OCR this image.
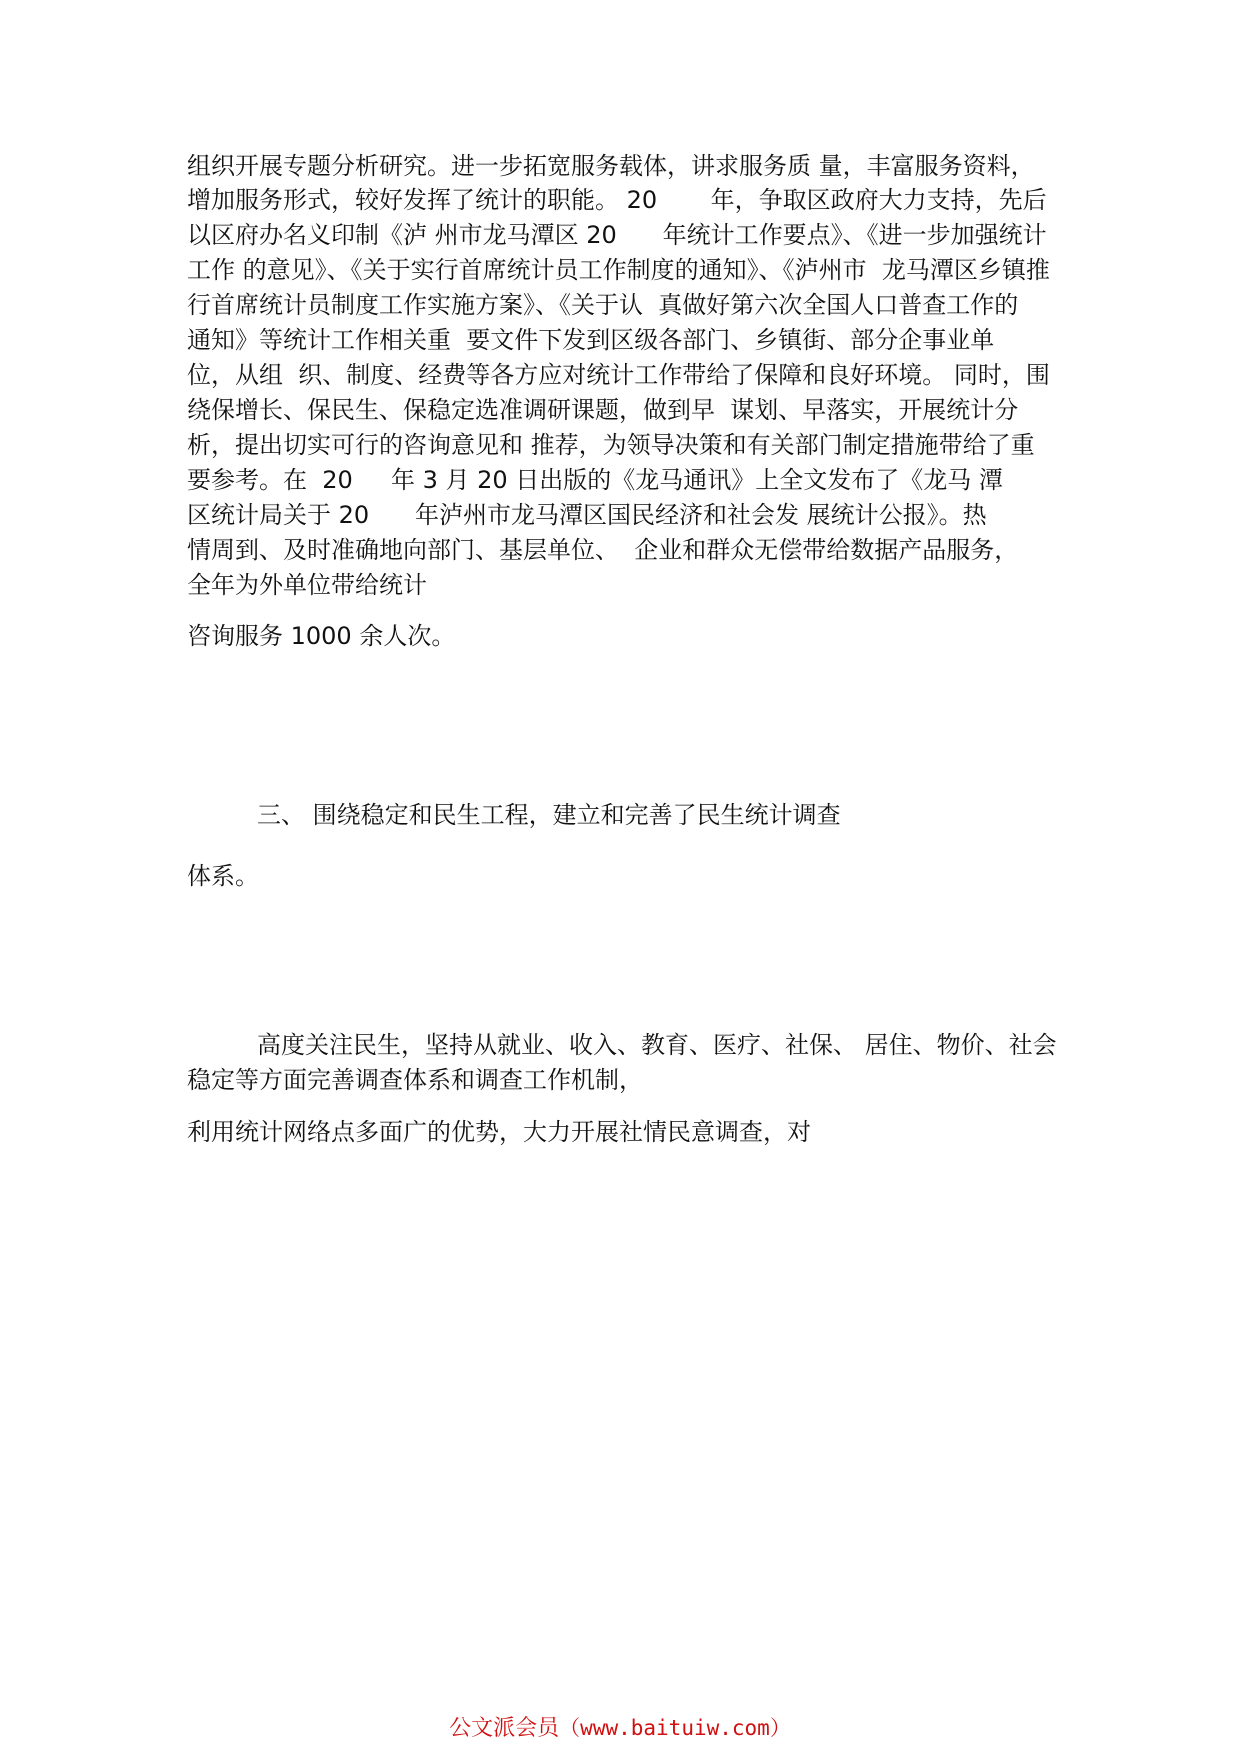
组织开展专题分析研究。进一步拓宽服务载体，讲求服务质 量，丰富服务资料，
增加服务形式，较好发挥了统计的职能。 20       年，争取区政府大力支持，先后
以区府办名义印制《泸 州市龙马潭区 20      年统计工作要点》、《进一步加强统计
工作 的意见》、《关于实行首席统计员工作制度的通知》、《泸州市  龙马潭区乡镇推
行首席统计员制度工作实施方案》、《关于认  真做好第六次全国人口普查工作的
通知》等统计工作相关重  要文件下发到区级各部门、乡镇街、部分企事业单
位，从组  织、制度、经费等各方应对统计工作带给了保障和良好环境。 同时，围
绕保增长、保民生、保稳定选准调研课题，做到早  谋划、早落实，开展统计分
析，提出切实可行的咨询意见和 推荐，为领导决策和有关部门制定措施带给了重
要参考。在  20     年 3 月 20 日出版的《龙马通讯》上全文发布了《龙马 潭
区统计局关于 20      年泸州市龙马潭区国民经济和社会发 展统计公报》。热
情周到、及时准确地向部门、基层单位、  企业和群众无偿带给数据产品服务，
全年为外单位带给统计
咨询服务 1000 余人次。
三、 围绕稳定和民生工程，建立和完善了民生统计调查
体系。
高度关注民生，坚持从就业、收入、教育、医疗、社保、 居住、物价、社会
稳定等方面完善调查体系和调查工作机制，
利用统计网络点多面广的优势，大力开展社情民意调查，对
公文派会员（www.baituiw.com）
